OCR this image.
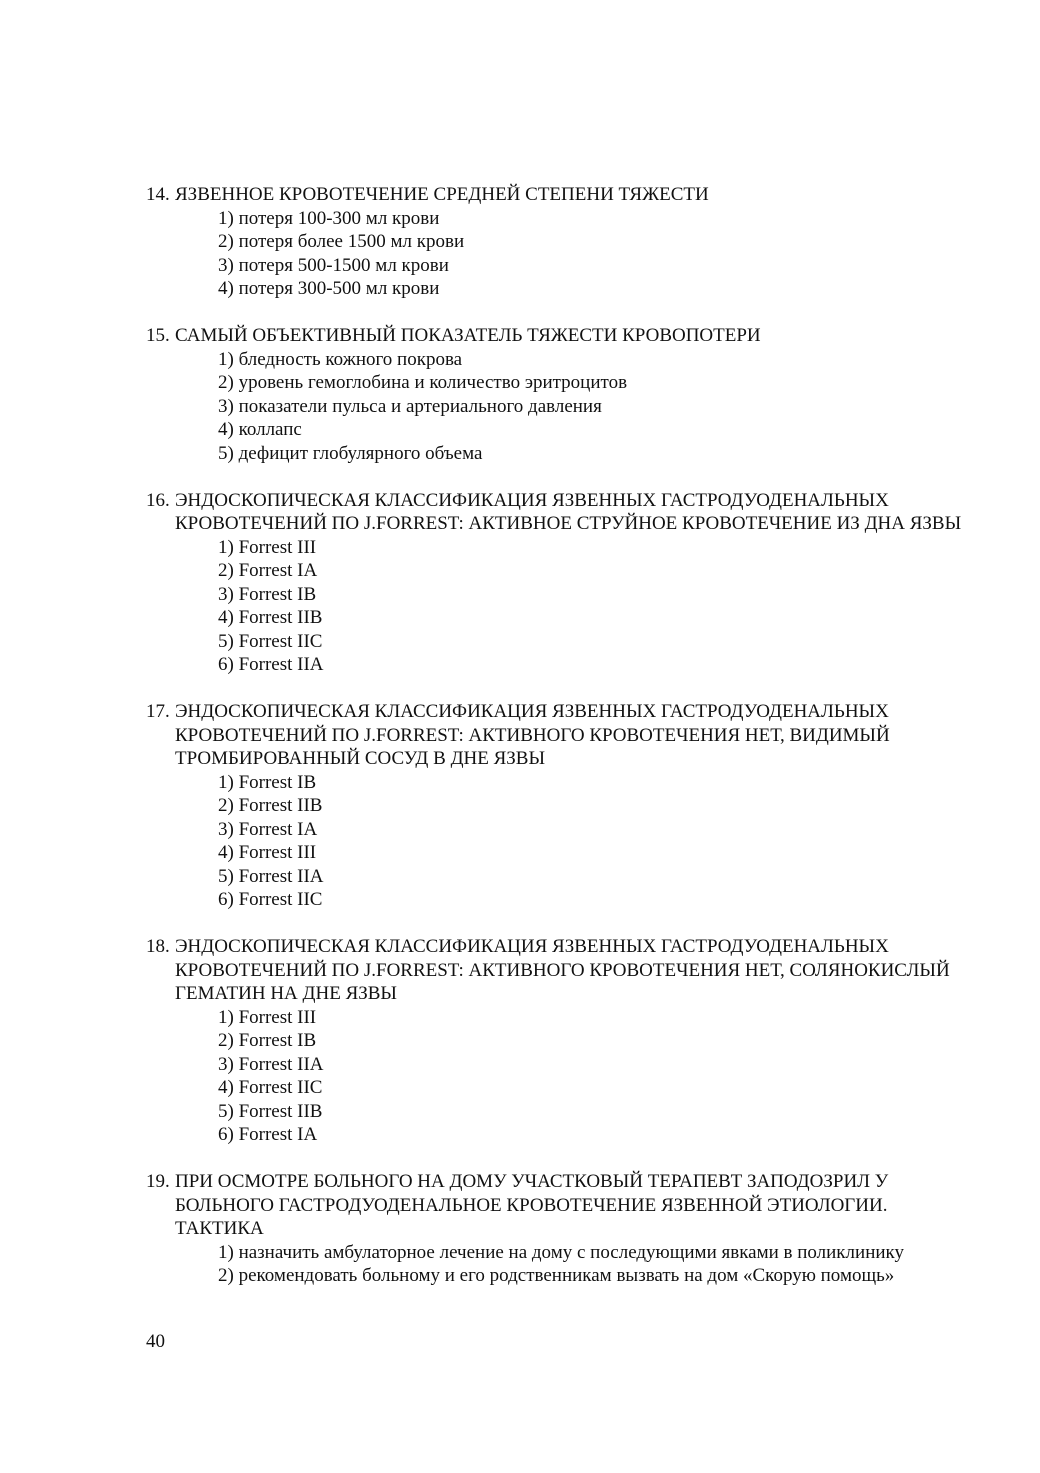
14. ЯЗВЕННОЕ КРОВОТЕЧЕНИЕ СРЕДНЕЙ СТЕПЕНИ ТЯЖЕСТИ
1) потеря 100-300 мл крови
2) потеря более 1500 мл крови
3) потеря 500-1500 мл крови
4) потеря 300-500 мл крови
15. САМЫЙ ОБЪЕКТИВНЫЙ ПОКАЗАТЕЛЬ ТЯЖЕСТИ КРОВОПОТЕРИ
1) бледность кожного покрова
2) уровень гемоглобина и количество эритроцитов
3) показатели пульса и артериального давления
4) коллапс
5) дефицит глобулярного объема
16. ЭНДОСКОПИЧЕСКАЯ КЛАССИФИКАЦИЯ ЯЗВЕННЫХ ГАСТРОДУОДЕНАЛЬНЫХ КРОВОТЕЧЕНИЙ ПО J.FORREST: АКТИВНОЕ СТРУЙНОЕ КРОВОТЕЧЕНИЕ ИЗ ДНА ЯЗВЫ
1) Forrest III
2) Forrest IA
3) Forrest IB
4) Forrest IIB
5) Forrest IIC
6) Forrest IIA
17. ЭНДОСКОПИЧЕСКАЯ КЛАССИФИКАЦИЯ ЯЗВЕННЫХ ГАСТРОДУОДЕНАЛЬНЫХ КРОВОТЕЧЕНИЙ ПО J.FORREST: АКТИВНОГО КРОВОТЕЧЕНИЯ НЕТ, ВИДИМЫЙ ТРОМБИРОВАННЫЙ СОСУД В ДНЕ ЯЗВЫ
1) Forrest IB
2) Forrest IIB
3) Forrest IA
4) Forrest III
5) Forrest IIA
6) Forrest IIC
18. ЭНДОСКОПИЧЕСКАЯ КЛАССИФИКАЦИЯ ЯЗВЕННЫХ ГАСТРОДУОДЕНАЛЬНЫХ КРОВОТЕЧЕНИЙ ПО J.FORREST: АКТИВНОГО КРОВОТЕЧЕНИЯ НЕТ, СОЛЯНОКИСЛЫЙ ГЕМАТИН НА ДНЕ ЯЗВЫ
1) Forrest III
2) Forrest IB
3) Forrest IIA
4) Forrest IIC
5) Forrest IIB
6) Forrest IA
19. ПРИ ОСМОТРЕ БОЛЬНОГО НА ДОМУ УЧАСТКОВЫЙ ТЕРАПЕВТ ЗАПОДОЗРИЛ У БОЛЬНОГО ГАСТРОДУОДЕНАЛЬНОЕ КРОВОТЕЧЕНИЕ ЯЗВЕННОЙ ЭТИОЛОГИИ. ТАКТИКА
1) назначить амбулаторное лечение на дому с последующими явками в поликлинику
2) рекомендовать больному и его родственникам вызвать на дом «Скорую помощь»
40
